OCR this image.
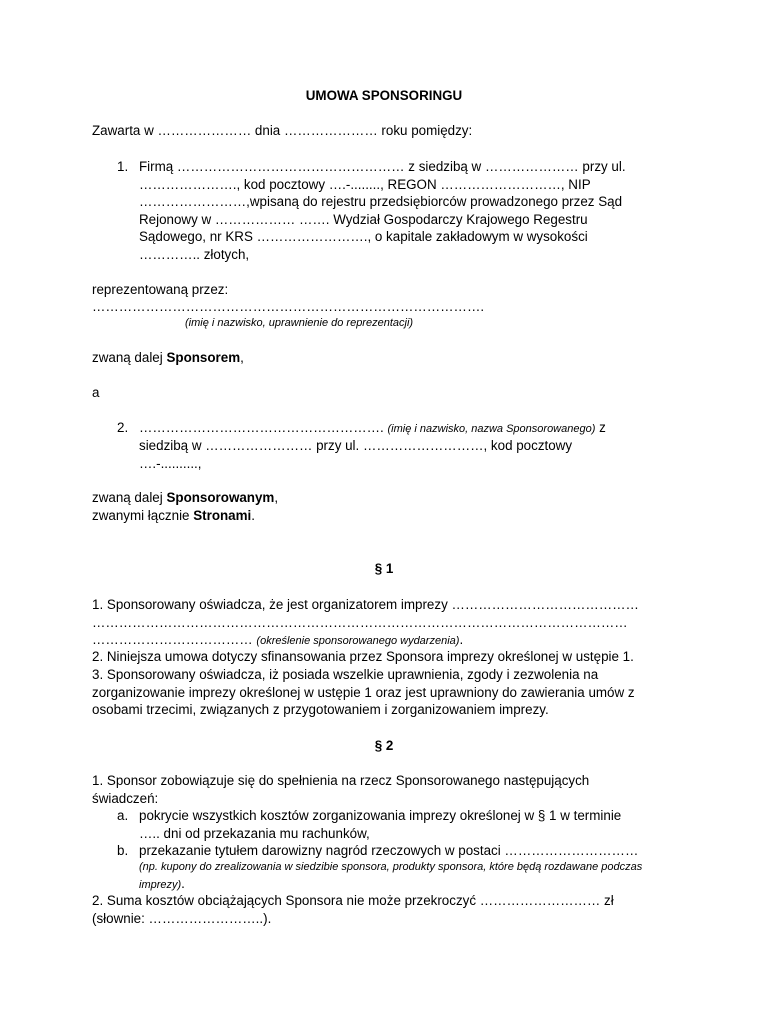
UMOWA SPONSORINGU
Zawarta w ………………… dnia ………………… roku pomiędzy:
1. Firmą …………………………………………… z siedzibą w ………………… przy ul.
…………………., kod pocztowy ….-........, REGON ………………………, NIP
……………………,wpisaną do rejestru przedsiębiorców prowadzonego przez Sąd
Rejonowy w ……………… ……. Wydział Gospodarczy Krajowego Regestru
Sądowego, nr KRS ……………………., o kapitale zakładowym w wysokości
………….. złotych,
reprezentowaną przez:
…………………………………………………………………………….
(imię i nazwisko, uprawnienie do reprezentacji)
zwaną dalej Sponsorem,
a
2. ………………………………………………. (imię i nazwisko, nazwa Sponsorowanego) z
siedzibą w …………………… przy ul. ………………………, kod pocztowy
….-..........,
zwaną dalej Sponsorowanym,
zwanymi łącznie Stronami.
§ 1
1. Sponsorowany oświadcza, że jest organizatorem imprezy ……………………………………
…………………………………………………………………………………………………………
……………………………… (określenie sponsorowanego wydarzenia).
2. Niniejsza umowa dotyczy sfinansowania przez Sponsora imprezy określonej w ustępie 1.
3. Sponsorowany oświadcza, iż posiada wszelkie uprawnienia, zgody i zezwolenia na
zorganizowanie imprezy określonej w ustępie 1 oraz jest uprawniony do zawierania umów z
osobami trzecimi, związanych z przygotowaniem i zorganizowaniem imprezy.
§ 2
1. Sponsor zobowiązuje się do spełnienia na rzecz Sponsorowanego następujących
świadczeń:
a. pokrycie wszystkich kosztów zorganizowania imprezy określonej w § 1 w terminie
….. dni od przekazania mu rachunków,
b. przekazanie tytułem darowizny nagród rzeczowych w postaci …………………………
(np. kupony do zrealizowania w siedzibie sponsora, produkty sponsora, które będą rozdawane podczas
imprezy).
2. Suma kosztów obciążających Sponsora nie może przekroczyć ……………………… zł
(słownie: ……………………..).
